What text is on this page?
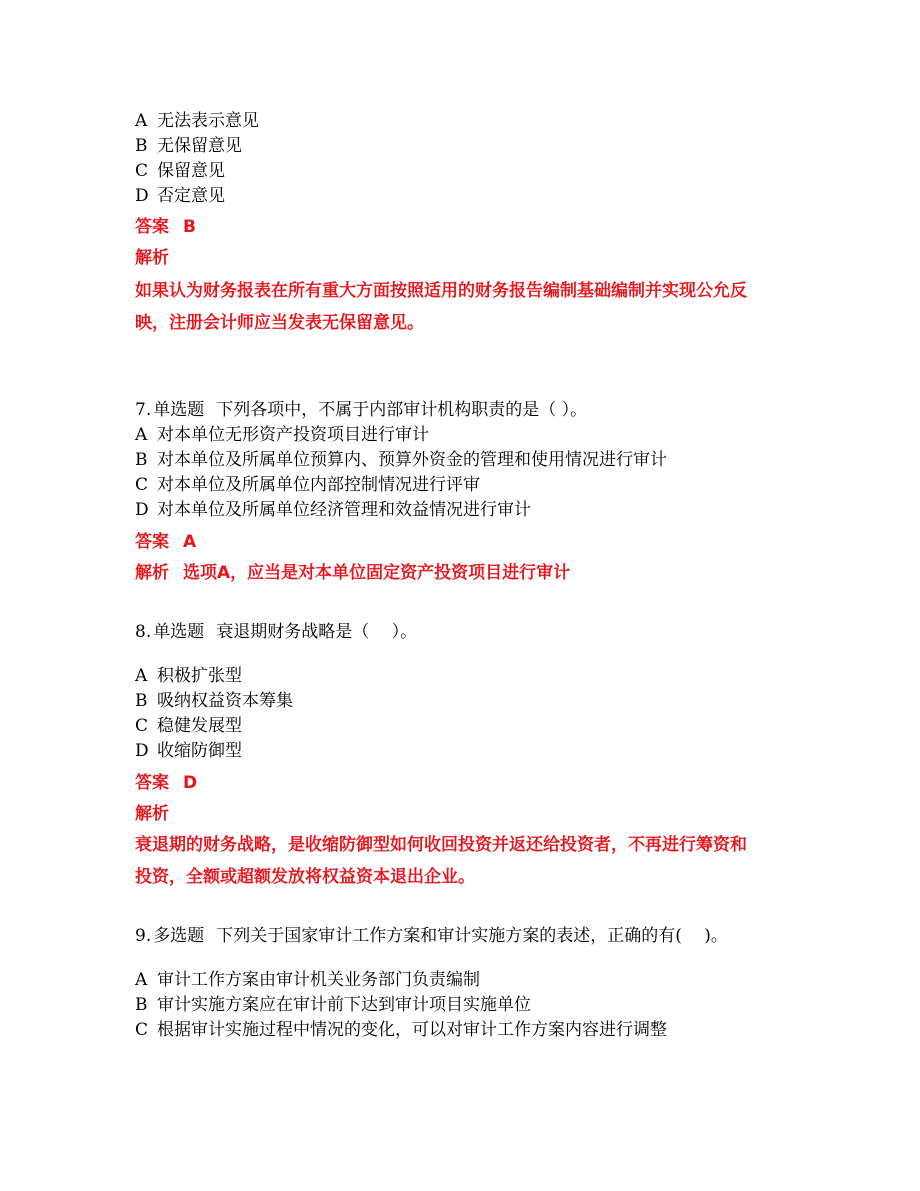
A 无法表示意见
B 无保留意见
C 保留意见
D 否定意见
答案 B
解析
如果认为财务报表在所有重大方面按照适用的财务报告编制基础编制并实现公允反
映，注册会计师应当发表无保留意见。
7. 单选题 下列各项中，不属于内部审计机构职责的是（ ）。
A 对本单位无形资产投资项目进行审计
B 对本单位及所属单位预算内、预算外资金的管理和使用情况进行审计
C 对本单位及所属单位内部控制情况进行评审
D 对本单位及所属单位经济管理和效益情况进行审计
答案 A
解析 选项A，应当是对本单位固定资产投资项目进行审计
8. 单选题 衰退期财务战略是（　 ）。
A 积极扩张型
B 吸纳权益资本筹集
C 稳健发展型
D 收缩防御型
答案 D
解析
衰退期的财务战略，是收缩防御型如何收回投资并返还给投资者，不再进行筹资和
投资，全额或超额发放将权益资本退出企业。
9. 多选题 下列关于国家审计工作方案和审计实施方案的表述，正确的有(　 )。
A 审计工作方案由审计机关业务部门负责编制
B 审计实施方案应在审计前下达到审计项目实施单位
C 根据审计实施过程中情况的变化，可以对审计工作方案内容进行调整
